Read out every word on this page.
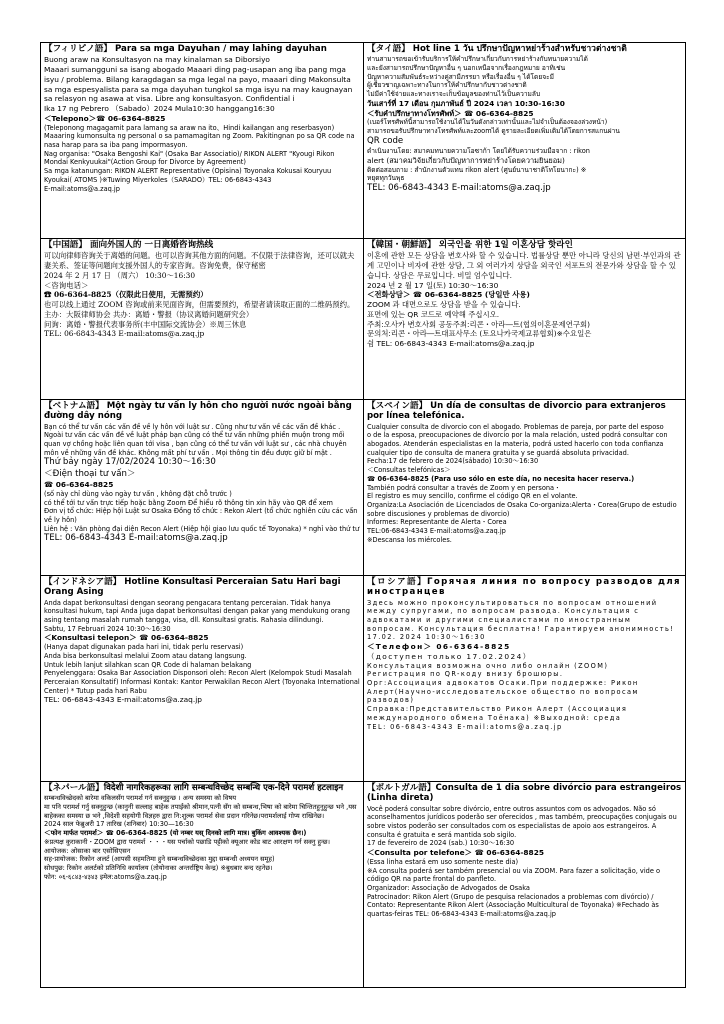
【フィリピノ語】 Para sa mga Dayuhan / may lahing dayuhan
Buong araw na Konsultasyon na may kinalaman sa Diborsiyo
Maaari sumangguni sa isang abogado Maaari ding pag-usapan ang iba pang mga isyu / problema. Bilang karagdagan sa mga legal na payo, maaari ding Makonsulta sa mga espesyalista para sa mga dayuhan tungkol sa mga isyu na may kaugnayan sa relasyon ng asawa at visa. Libre ang konsultasyon. Confidential i
Ika 17 ng Pebrero （Sabado）2024 Mula10:30 hanggang16:30
＜Telepono＞☎ 06-6364-8825
(Teleponong magagamit para lamang sa araw na ito、Hindi kailangan ang reserbasyon)
Maaaring kumonsulta ng personal o sa pamamagitan ng Zoom. Pakitingnan po sa QR code na nasa harap para sa iba pang impormasyon.
Nag organisa: "Osaka Bengoshi Kai" (Osaka Bar Associatio)/ RIKON ALERT "Kyougi Rikon Mondai Kenkyuukai"(Action Group for Divorce by Agreement)
Sa mga katanungan: RIKON ALERT Representative (Opisina) Toyonaka Kokusai Kouryuu Kyoukai( ATOMS )※Tuwing Miyerkoles（SARADO）TEL: 06-6843-4343
E-mail:atoms@a.zaq.jp
【タイ語】 Hot line 1 วัน ปรึกษาปัญหาหย่าร้างสำหรับชาวต่างชาติ
ท่านสามารถขอเข้ารับบริการให้คำปรึกษาเกี่ยวกับการหย่าร้างกับทนายความได้
และยังสามารถปรึกษาปัญหาอื่น ๆ นอกเหนือจากเรื่องกฎหมาย อาทิเช่น
ปัญหาความสัมพันธ์ระหว่างคู่สามีภรรยา หรือเรื่องอื่น ๆ ได้โดยจะมี
ผู้เชี่ยวชาญเฉพาะทางในการให้คำปรึกษากับชาวต่างชาติ
ไม่มีค่าใช้จ่ายและทางเราจะเก็บข้อมูลของท่านไว้เป็นความลับ
วันเสาร์ที่ 17 เดือน กุมภาพันธ์ ปี 2024 เวลา 10:30-16:30
＜รับคำปรึกษาทางโทรศัพท์＞ ☎ 06-6364-8825
(เบอร์โทรศัพท์นี้สามารถใช้งานได้ในวันดังกล่าวเท่านั้นและไม่จำเป็นต้องจองล่วงหน้า)
สามารถขอรับปรึกษาทางโทรศัพท์และzoomได้ ดูรายละเอียดเพิ่มเติมได้โดยการสแกนผ่าน
QR code
ดำเนินงานโดย: สมาคมทนายความโอซาก้า โดยได้รับความร่วมมือจาก : rikon
alert (สมาคมวิจัยเกี่ยวกับปัญหาการหย่าร้างโดยความยินยอม)
ติดต่อสอบถาม : สำนักงานตัวแทน rikon alert (ศูนย์นานาชาติโทโยนากะ) ※
หยุดทุกวันพุธ
TEL: 06-6843-4343 E-mail:atoms@a.zaq.jp
【中国語】 面向外国人的 一日离婚咨询热线
可以向律师咨询关于离婚的问题。也可以咨询其他方面的问题。不仅限于法律咨询，还可以就夫妻关系、签证等问题向支援外国人的专家咨询。咨询免费，保守秘密
2024 年 2 月 17 日 （周六） 10:30～16:30
＜咨询电话＞
☎ 06-6364-8825（仅限此日使用，无需预约）
也可以线上通过 ZOOM 咨询或前来见面咨询，但需要预约，希望者请读取正面的二维码预约。
主办：大阪律师协会 共办：离婚・警报（协议离婚问题研究会）
问询：离婚・警报代表事务所(丰中国际交流协会）※周三休息
TEL: 06-6843-4343 E-mail:atoms@a.zaq.jp
【韓国・朝鮮語】 외국인을 위한 1일 이혼상담 핫라인
이혼에 관한 모든 상담을 변호사와 할 수 있습니다. 법률상담 뿐만 아니라 당신의 남편·부인과의 관계 고민이나 비자에 관한 상담, 그 외 여러가지 상담을 외국인 서포트의 전문가와 상담을 할 수 있습니다. 상담은 무료입니다. 비밀 엄수입니다.
2024 년 2 월 17 일(토) 10:30～16:30
＜전화상담＞ ☎ 06-6364-8825 (당일만 사용)
ZOOM 과 대면으로도 상담을 받을 수 있습니다.
표면에 있는 QR 코드로 예약해 주십시오.
주최:오사카 변호사회 공동주최:리콘・아라―트(협의이혼문제연구회)
문의처:리콘・아라―트대표사무소 (토요나카국제교류협회)※수요일은
쉼 TEL: 06-6843-4343 E-mail:atoms@a.zaq.jp
【ベトナム語】 Một ngày tư vấn ly hôn cho người nước ngoài bằng đường dây nóng
Bạn có thể tư vấn các vấn đề về ly hôn với luật sư . Cũng như tư vấn về các vấn đề khác . Ngoài tư vấn các vấn đề về luật pháp bạn cũng có thể tư vấn những phiền muộn trong mối quan vợ chồng hoặc liên quan tới visa , bạn cũng có thể tư vấn với luật sư , các nhà chuyên môn về những vấn đề khác. Không mất phí tư vấn . Mọi thông tin đều được giữ bí mật .
Thứ bảy ngày 17/02/2024 10:30～16:30
＜Điện thoại tư vấn＞
☎ 06-6364-8825
(số này chỉ dùng vào ngày tư vấn , không đặt chỗ trước )
có thể tới tư vấn trực tiếp hoặc bằng Zoom Để hiểu rõ thông tin xin hãy vào QR để xem
Đơn vị tổ chức: Hiệp hội Luật sư Osaka Đồng tổ chức : Rekon Alert (tổ chức nghiên cứu các vấn về ly hôn)
Liên hệ : Văn phòng đại diện Recon Alert (Hiệp hội giao lưu quốc tế Toyonaka) * nghỉ vào thứ tư
TEL: 06-6843-4343 E-mail:atoms@a.zaq.jp
【スペイン語】 Un día de consultas de divorcio para extranjeros por línea telefónica.
Cualquier consulta de divorcio con el abogado. Problemas de pareja, por parte del esposo
o de la esposa, preocupaciones de divorcio por la mala relación, usted podrá consultar con abogados. Atenderán especialistas en la materia, podrá usted hacerlo con toda confianza cualquier tipo de consulta de manera gratuita y se guardá absoluta privacidad.
Fecha:17 de febrero de 2024(sábado) 10:30～16:30
＜Consultas telefónicas＞
☎ 06-6364-8825 (Para uso sólo en este día, no necesita hacer reserva.)
También podrá consultar a través de Zoom y en persona・
El registro es muy sencillo, confirme el código QR en el volante.
Organiza:La Asociación de Licenciados de Osaka Co-organiza:Alerta・Corea(Grupo de estudio sobre discusiones y problemas de divorcio)
Informes: Representante de Alerta・Corea
TEL:06-6843-4343 E-mail:atoms@a.zaq.jp
※Descansa los miércoles.
【インドネシア語】 Hotline Konsultasi Perceraian Satu Hari bagi Orang Asing
Anda dapat berkonsultasi dengan seorang pengacara tentang perceraian. Tidak hanya konsultasi hukum, tapi Anda juga dapat berkonsultasi dengan pakar yang mendukung orang asing tentang masalah rumah tangga, visa, dll. Konsultasi gratis. Rahasia dilindungi.
Sabtu, 17 Februari 2024 10:30～16:30
＜Konsultasi telepon＞ ☎ 06-6364-8825
(Hanya dapat digunakan pada hari ini, tidak perlu reservasi)
Anda bisa berkonsultasi melalui Zoom atau datang langsung.
Untuk lebih lanjut silahkan scan QR Code di halaman belakang
Penyelenggara: Osaka Bar Association Disponsori oleh: Recon Alert (Kelompok Studi Masalah Perceraian Konsultatif) Informasi Kontak: Kantor Perwakilan Recon Alert (Toyonaka International Center) * Tutup pada hari Rabu
TEL: 06-6843-4343 E-mail:atoms@a.zaq.jp
【ロシア語】Горячая линия по вопросу разводов для иностранцев
Здесь можно проконсультироваться по вопросам отношений между супругами, по вопросам развода. Консультация с адвокатами и другими специалистами по иностранным вопросам. Консультация бесплатна! Гарантируем анонимность!
17.02. 2024 10:30～16:30
＜Телефон＞ 06-6364-8825
（доступен только 17.02.2024）
Консультация возможна очно либо онлайн (ZOOM)
Регистрация по QR-коду внизу брошюры.
Орг:Ассоциация адвокатов Осаки.При поддержке: Рикон Алерт(Научно-исследовательское общество по вопросам разводов)
Справка:Представительство Рикон Алерт (Ассоциация международного обмена Тоёнака) ※Выходной: среда
TEL: 06-6843-4343 E-mail:atoms@a.zaq.jp
【ネパール語】विदेशी नागरिकहरूका लागि सम्बन्धविच्छेद सम्बन्धि एक-दिने परामर्श हटलाइन
सम्बन्धविच्छेदको बारेमा वकिलसँग परामर्श गर्न सक्नुहुन्छ । अन्य समस्या को विषय
मा पनि परामर्श गर्नु सक्नुहुन्छ (कानुनी सल्लाह बाहेक तपाईंको श्रीमान,पत्नी सँग को सम्बन्ध,भिषा को बारेमा चिन्तितहुनुहुन्छ भने ,यस बाहेकका समस्या छ भने ,विदेशी सहयोगी विज्ञहरु द्वारा नि:शुल्क परामर्श सेवा प्रदान गरिनेछ।परामर्शलाई गोप्य राखिनेछ।
2024 साल फेब्रुअरी 17 तारिख (शनिबार) 10:30—16:30
＜फोन मार्फत परामर्श＞ ☎ 06-6364-8825 (यो नम्बर यस् दिनको लागि मात्र। बुकिंग आवश्यक छैन।)
※प्रत्यक्ष कुराकानी・ZOOM द्वारा परामर्श ・・・यस पर्चाको पछाडि पट्टीको क्यूआर कोड बाट आरक्षण गर्न सक्नु हुन्छ।
आयोजक: ओसाका बार एसोसिएसन
सह-प्रायोजक: रिकोन अलर्ट (आपसी सहमतिमा हुने सम्बन्धविच्छेदका मुद्दा सम्बन्धी अध्ययन समूह)
सोधपुछ: रिकोन अलर्टको प्रतिनिधि कार्यालय (तोयोनाका अन्तर्राष्ट्रिय केन्द्र) ※बुधबार बन्द रहनेछ।
फोन: ०६-६८४३-४३४३ इमेल:atoms@a.zaq.jp
【ポルトガル語】Consulta de 1 dia sobre divórcio para estrangeiros (Linha direta)
Você poderá consultar sobre divórcio, entre outros assuntos com os advogados. Não só aconselhamentos jurídicos poderão ser oferecidos , mas também, preocupações conjugais ou sobre vistos poderão ser consultados com os especialistas de apoio aos estrangeiros. A consulta é gratuita e será mantida sob sigilo.
17 de fevereiro de 2024 (sab.) 10:30～16:30
＜Consulta por telefone＞ ☎ 06-6364-8825
(Essa linha estará em uso somente neste dia)
※A consulta poderá ser também presencial ou via ZOOM. Para fazer a solicitação, vide o código QR na parte frontal do panfleto.
Organizador: Associação de Advogados de Osaka
Patrocinador: Rikon Alert (Grupo de pesquisa relacionados a problemas com divórcio) / Contato: Representante Rikon Alert (Associação Multicultural de Toyonaka) ※Fechado às quartas-feiras TEL: 06-6843-4343 E-mail:atoms@a.zaq.jp
